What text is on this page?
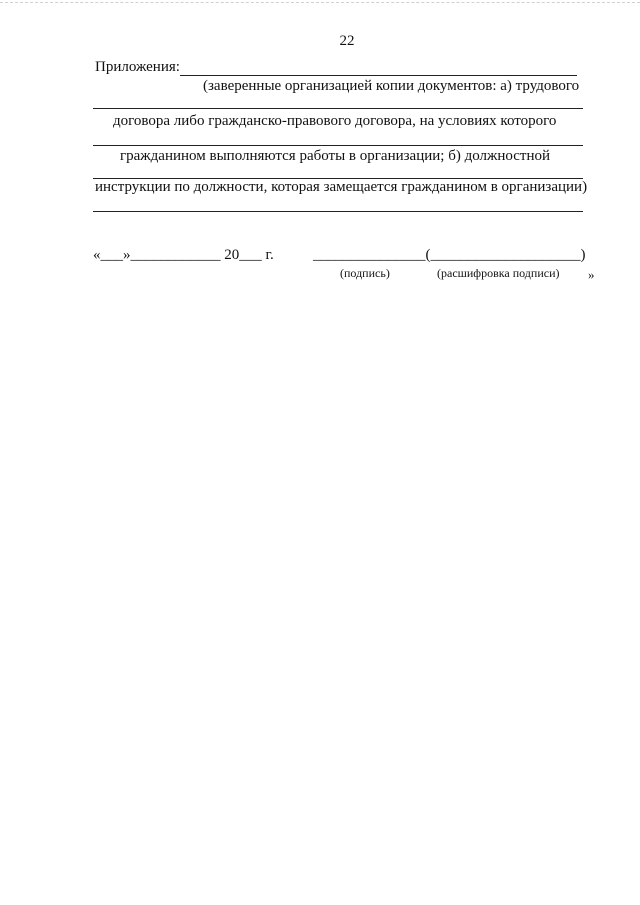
22
Приложения:
(заверенные организацией копии документов: а) трудового
договора либо гражданско-правового договора, на условиях которого
гражданином выполняются работы в организации; б) должностной
инструкции по должности, которая замещается гражданином в организации)
«___»____________ 20___ г.	_______________(____________________)
(подпись)	(расшифровка подписи) »
